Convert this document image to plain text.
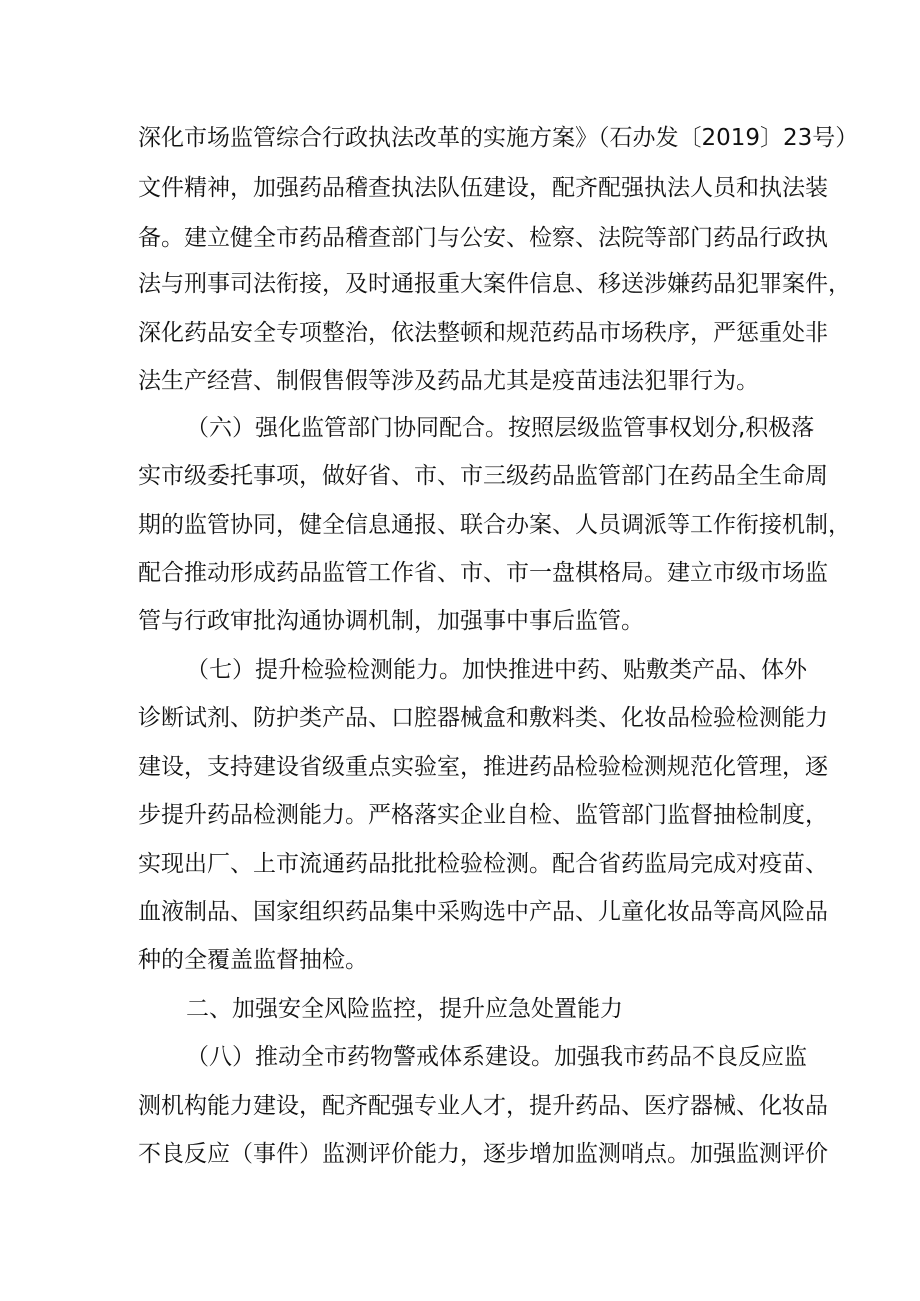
深化市场监管综合行政执法改革的实施方案》（石办发〔2019〕23号）

文件精神，加强药品稽查执法队伍建设，配齐配强执法人员和执法装

备。建立健全市药品稽查部门与公安、检察、法院等部门药品行政执

法与刑事司法衔接，及时通报重大案件信息、移送涉嫌药品犯罪案件，

深化药品安全专项整治，依法整顿和规范药品市场秩序，严惩重处非

法生产经营、制假售假等涉及药品尤其是疫苗违法犯罪行为。

（六）强化监管部门协同配合。按照层级监管事权划分,积极落

实市级委托事项，做好省、市、市三级药品监管部门在药品全生命周

期的监管协同，健全信息通报、联合办案、人员调派等工作衔接机制，

配合推动形成药品监管工作省、市、市一盘棋格局。建立市级市场监

管与行政审批沟通协调机制，加强事中事后监管。

（七）提升检验检测能力。加快推进中药、贴敷类产品、体外

诊断试剂、防护类产品、口腔器械盒和敷料类、化妆品检验检测能力

建设，支持建设省级重点实验室，推进药品检验检测规范化管理，逐

步提升药品检测能力。严格落实企业自检、监管部门监督抽检制度，

实现出厂、上市流通药品批批检验检测。配合省药监局完成对疫苗、

血液制品、国家组织药品集中采购选中产品、儿童化妆品等高风险品

种的全覆盖监督抽检。

二、加强安全风险监控，提升应急处置能力

（八）推动全市药物警戒体系建设。加强我市药品不良反应监

测机构能力建设，配齐配强专业人才，提升药品、医疗器械、化妆品

不良反应（事件）监测评价能力，逐步增加监测哨点。加强监测评价
